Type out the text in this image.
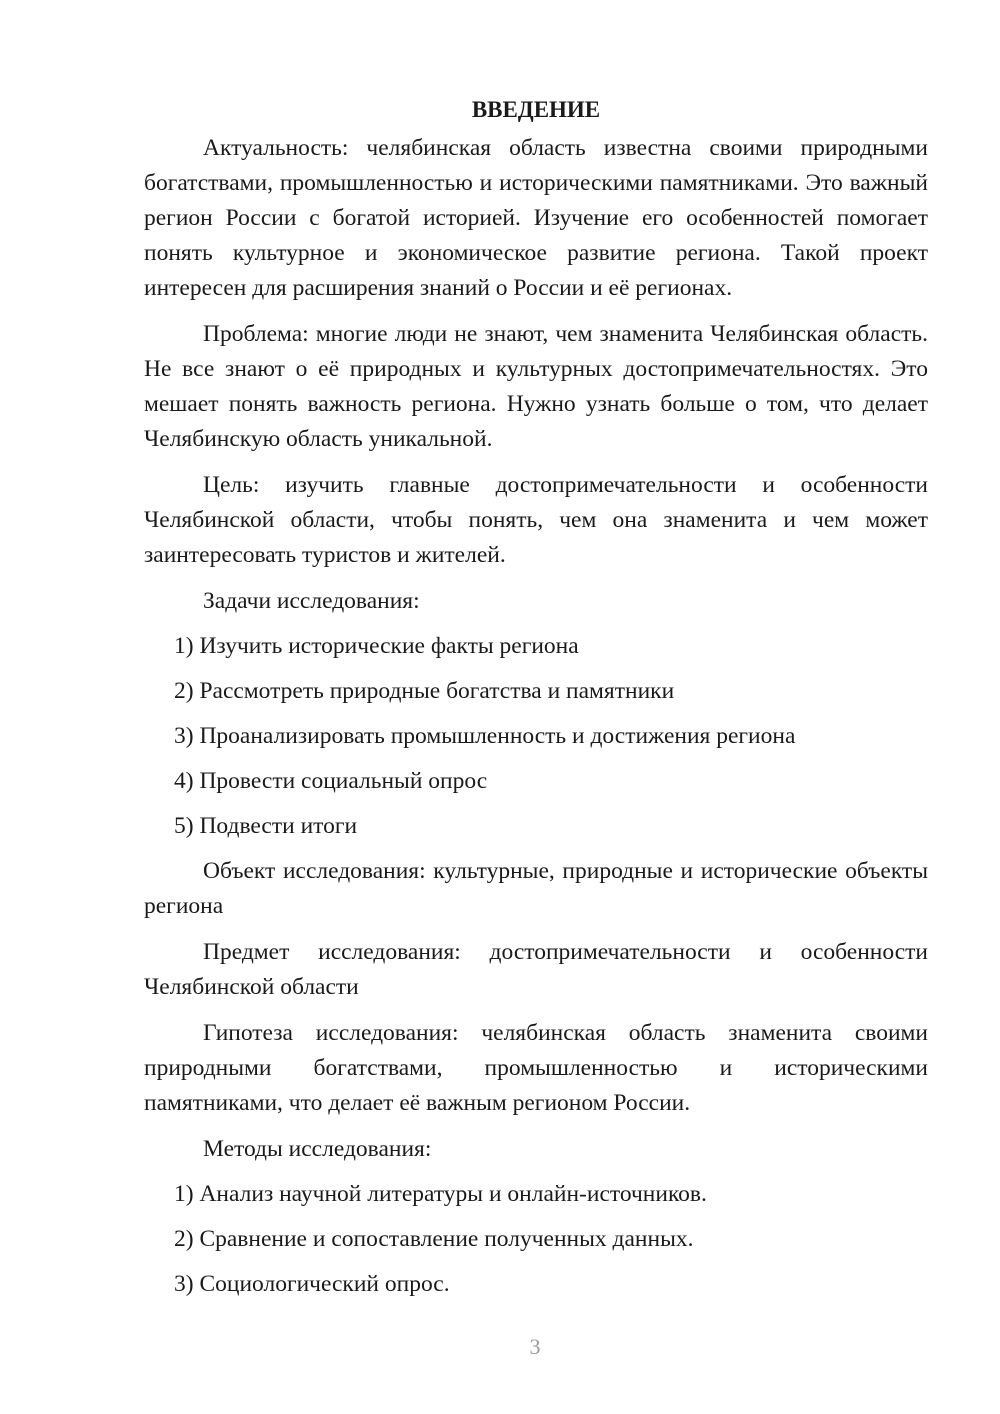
ВВЕДЕНИЕ

Актуальность: челябинская область известна своими природными богатствами, промышленностью и историческими памятниками. Это важный регион России с богатой историей. Изучение его особенностей помогает понять культурное и экономическое развитие региона. Такой проект интересен для расширения знаний о России и её регионах.

Проблема: многие люди не знают, чем знаменита Челябинская область. Не все знают о её природных и культурных достопримечательностях. Это мешает понять важность региона. Нужно узнать больше о том, что делает Челябинскую область уникальной.

Цель: изучить главные достопримечательности и особенности Челябинской области, чтобы понять, чем она знаменита и чем может заинтересовать туристов и жителей.

Задачи исследования:

1) Изучить исторические факты региона

2) Рассмотреть природные богатства и памятники

3) Проанализировать промышленность и достижения региона

4) Провести социальный опрос

5) Подвести итоги

Объект исследования: культурные, природные и исторические объекты региона

Предмет исследования: достопримечательности и особенности Челябинской области

Гипотеза исследования: челябинская область знаменита своими природными богатствами, промышленностью и историческими памятниками, что делает её важным регионом России.

Методы исследования:

1) Анализ научной литературы и онлайн-источников.

2) Сравнение и сопоставление полученных данных.

3) Социологический опрос.

3
